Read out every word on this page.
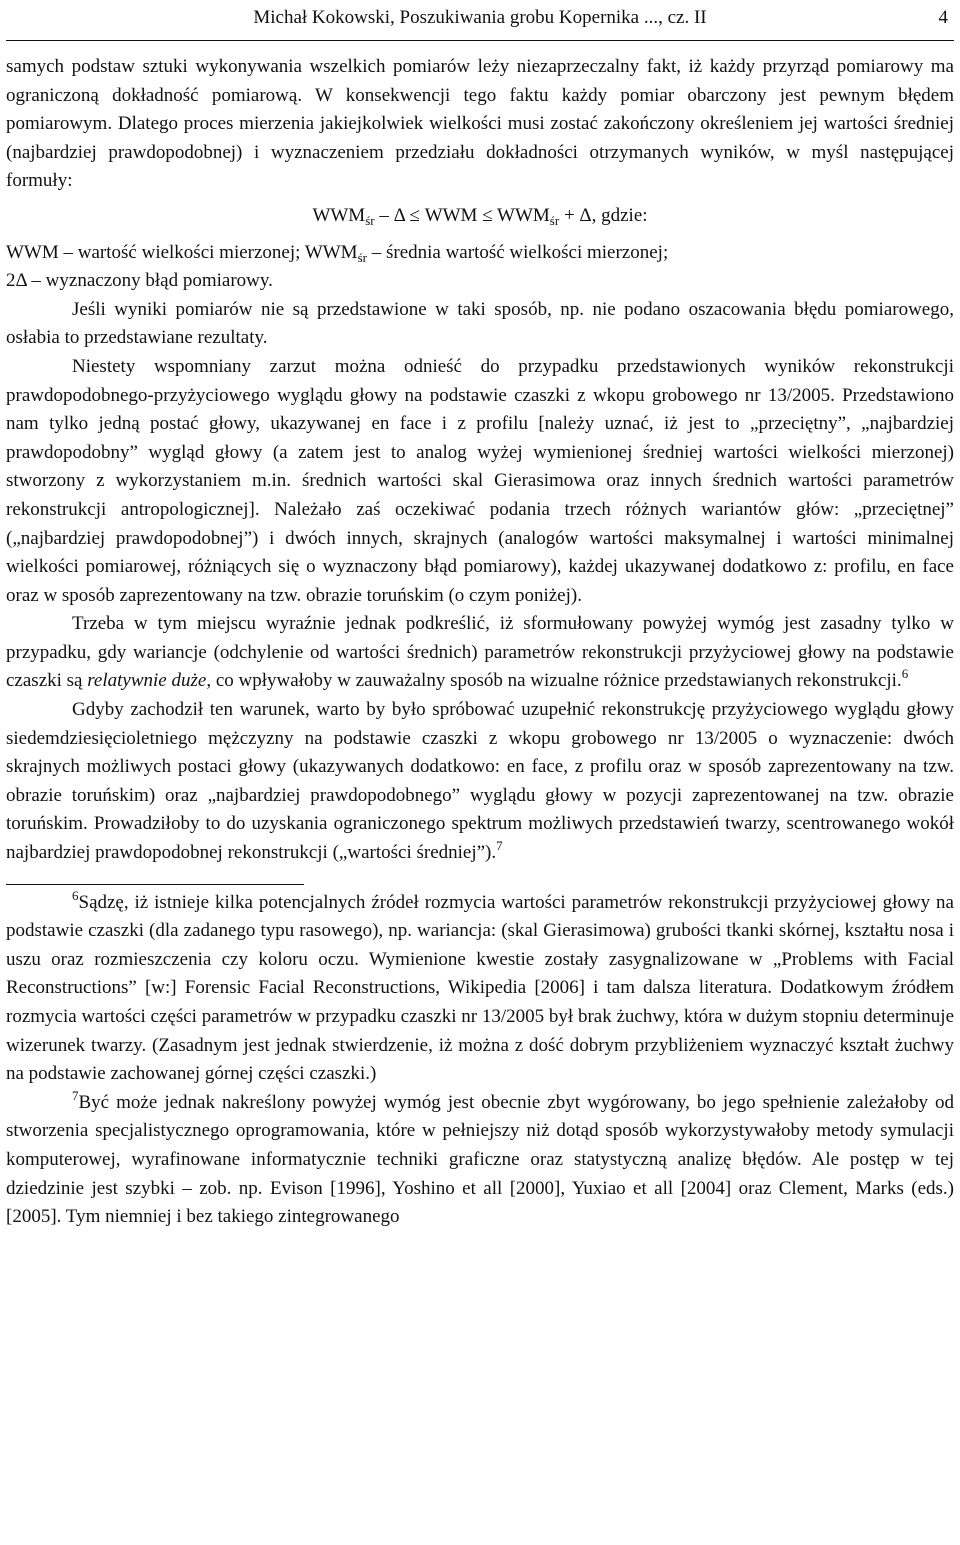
Michał Kokowski, Poszukiwania grobu Kopernika ..., cz. II	4

samych podstaw sztuki wykonywania wszelkich pomiarów leży niezaprzeczalny fakt, iż każdy przyrząd pomiarowy ma ograniczoną dokładność pomiarową. W konsekwencji tego faktu każdy pomiar obarczony jest pewnym błędem pomiarowym. Dlatego proces mierzenia jakiejkolwiek wielkości musi zostać zakończony określeniem jej wartości średniej (najbardziej prawdopodobnej) i wyznaczeniem przedziału dokładności otrzymanych wyników, w myśl następującej formuły:

$WWM_{śr}$ – Δ ≤ WWM ≤ $WWM_{śr} + \Delta$, gdzie:

WWM – wartość wielkości mierzonej; $WWM_{śr}$ – średnia wartość wielkości mierzonej;

2Δ – wyznaczony błąd pomiarowy.

Jeśli wyniki pomiarów nie są przedstawione w taki sposób, np. nie podano oszacowania błędu pomiarowego, osłabia to przedstawiane rezultaty.

Niestety wspomniany zarzut można odnieść do przypadku przedstawionych wyników rekonstrukcji prawdopodobnego-przyżyciowego wyglądu głowy na podstawie czaszki z wkopu grobowego nr 13/2005. Przedstawiono nam tylko jedną postać głowy, ukazywanej en face i z profilu [należy uznać, iż jest to „przeciętny”, „najbardziej prawdopodobny” wygląd głowy (a zatem jest to analog wyżej wymienionej średniej wartości wielkości mierzonej) stworzony z wykorzystaniem m.in. średnich wartości skal Gierasimowa oraz innych średnich wartości parametrów rekonstrukcji antropologicznej]. Należało zaś oczekiwać podania trzech różnych wariantów głów: „przeciętnej” („najbardziej prawdopodobnej”) i dwóch innych, skrajnych (analogów wartości maksymalnej i wartości minimalnej wielkości pomiarowej, różniących się o wyznaczony błąd pomiarowy), każdej ukazywanej dodatkowo z: profilu, en face oraz w sposób zaprezentowany na tzw. obrazie toruńskim (o czym poniżej).

Trzeba w tym miejscu wyraźnie jednak podkreślić, iż sformułowany powyżej wymóg jest zasadny tylko w przypadku, gdy wariancje (odchylenie od wartości średnich) parametrów rekonstrukcji przyżyciowej głowy na podstawie czaszki są relatywnie duże, co wpływałoby w zauważalny sposób na wizualne różnice przedstawianych rekonstrukcji.$^6$

Gdyby zachodził ten warunek, warto by było spróbować uzupełnić rekonstrukcję przyżyciowego wyglądu głowy siedemdziesięcioletniego mężczyzny na podstawie czaszki z wkopu grobowego nr 13/2005 o wyznaczenie: dwóch skrajnych możliwych postaci głowy (ukazywanych dodatkowo: en face, z profilu oraz w sposób zaprezentowany na tzw. obrazie toruńskim) oraz „najbardziej prawdopodobnego” wyglądu głowy w pozycji zaprezentowanej na tzw. obrazie toruńskim. Prowadziłoby to do uzyskania ograniczonego spektrum możliwych przedstawień twarzy, scentrowanego wokół najbardziej prawdopodobnej rekonstrukcji („wartości średniej”).$^7$

$^6$Sądzę, iż istnieje kilka potencjalnych źródeł rozmycia wartości parametrów rekonstrukcji przyżyciowej głowy na podstawie czaszki (dla zadanego typu rasowego), np. wariancja: (skal Gierasimowa) grubości tkanki skórnej, kształtu nosa i uszu oraz rozmieszczenia czy koloru oczu. Wymienione kwestie zostały zasygnalizowane w „Problems with Facial Reconstructions” [w:] Forensic Facial Reconstructions, Wikipedia [2006] i tam dalsza literatura. Dodatkowym źródłem rozmycia wartości części parametrów w przypadku czaszki nr 13/2005 był brak żuchwy, która w dużym stopniu determinuje wizerunek twarzy. (Zasadnym jest jednak stwierdzenie, iż można z dość dobrym przybliżeniem wyznaczyć kształt żuchwy na podstawie zachowanej górnej części czaszki.)

$^7$Być może jednak nakreślony powyżej wymóg jest obecnie zbyt wygórowany, bo jego spełnienie zależałoby od stworzenia specjalistycznego oprogramowania, które w pełniejszy niż dotąd sposób wykorzystywałoby metody symulacji komputerowej, wyrafinowane informatycznie techniki graficzne oraz statystyczną analizę błędów. Ale postęp w tej dziedzinie jest szybki – zob. np. Evison [1996], Yoshino et all [2000], Yuxiao et all [2004] oraz Clement, Marks (eds.) [2005]. Tym niemniej i bez takiego zintegrowanego
